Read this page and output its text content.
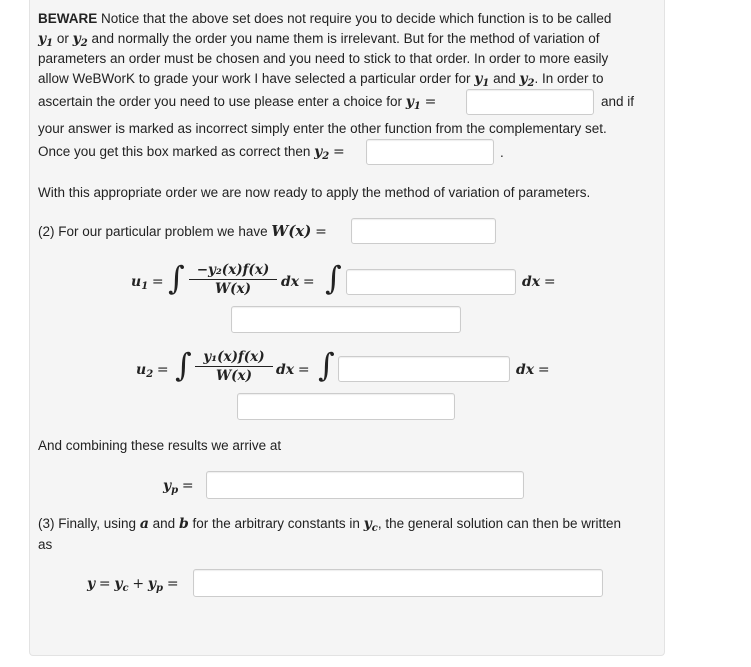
BEWARE Notice that the above set does not require you to decide which function is to be called
$y_1$ or $y_2$ and normally the order you name them is irrelevant. But for the method of variation of
parameters an order must be chosen and you need to stick to that order. In order to more easily
allow WeBWorK to grade your work I have selected a particular order for $y_1$ and $y_2$. In order to
ascertain the order you need to use please enter a choice for $y_1$ =	and if
your answer is marked as incorrect simply enter the other function from the complementary set.
Once you get this box marked as correct then $y_2$ =	.
With this appropriate order we are now ready to apply the method of variation of parameters.
(2) For our particular problem we have W(x) =
$u_1$ = ∫ −y₂(x)f(x)
W(x)	dx = ∫	dx =
$u_2$ = ∫ y₁(x)f(x)
W(x)	dx = ∫	dx =
And combining these results we arrive at
$y_p$ =
(3) Finally, using a and b for the arbitrary constants in $y_c$, the general solution can then be written
as
$y = y_c + y_p$ =
